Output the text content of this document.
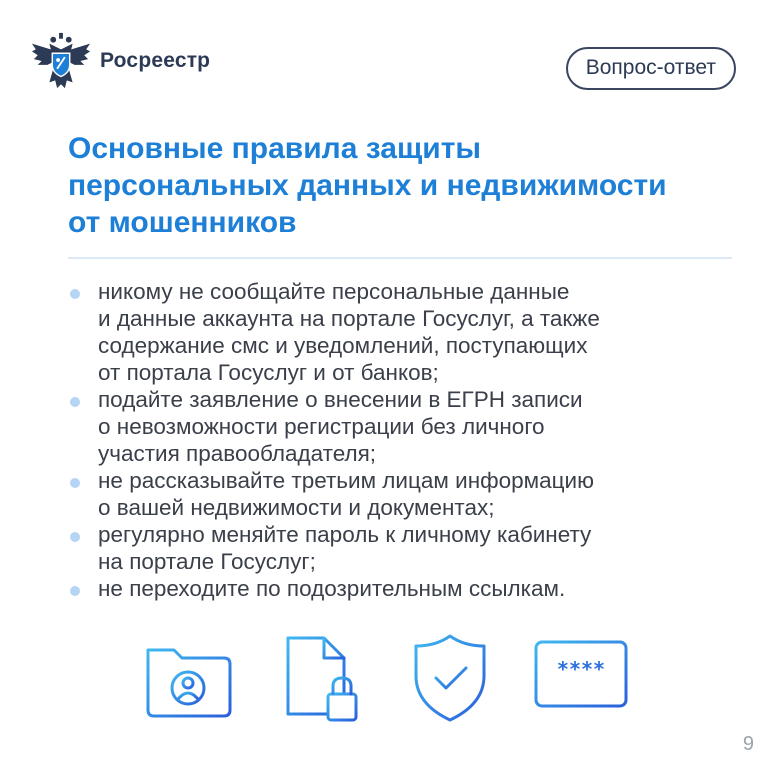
Росреестр	Вопрос-ответ
Основные правила защиты
персональных данных и недвижимости
от мошенников
никому не сообщайте персональные данные
и данные аккаунта на портале Госуслуг, а также
содержание смс и уведомлений, поступающих
от портала Госуслуг и от банков;
подайте заявление о внесении в ЕГРН записи
о невозможности регистрации без личного
участия правообладателя;
не рассказывайте третьим лицам информацию
о вашей недвижимости и документах;
регулярно меняйте пароль к личному кабинету
на портале Госуслуг;
не переходите по подозрительным ссылкам.
****
9
